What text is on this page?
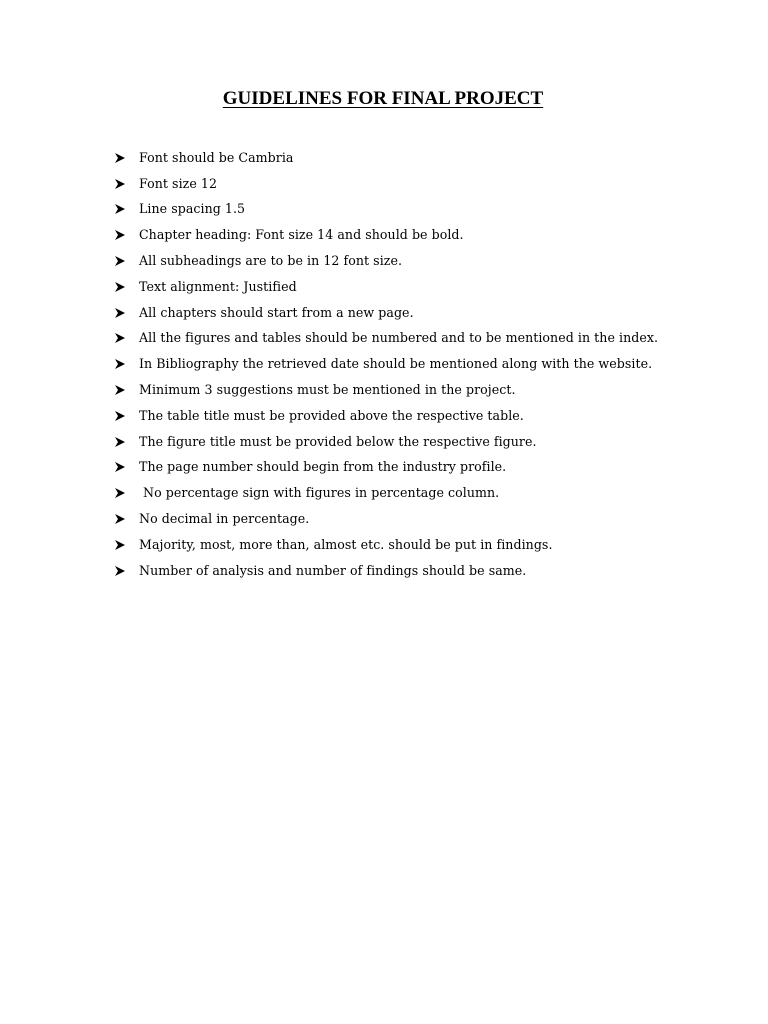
GUIDELINES FOR FINAL PROJECT
Font should be Cambria
Font size 12
Line spacing 1.5
Chapter heading: Font size 14 and should be bold.
All subheadings are to be in 12 font size.
Text alignment: Justified
All chapters should start from a new page.
All the figures and tables should be numbered and to be mentioned in the index.
In Bibliography the retrieved date should be mentioned along with the website.
Minimum 3 suggestions must be mentioned in the project.
The table title must be provided above the respective table.
The figure title must be provided below the respective figure.
The page number should begin from the industry profile.
No percentage sign with figures in percentage column.
No decimal in percentage.
Majority, most, more than, almost etc. should be put in findings.
Number of analysis and number of findings should be same.
